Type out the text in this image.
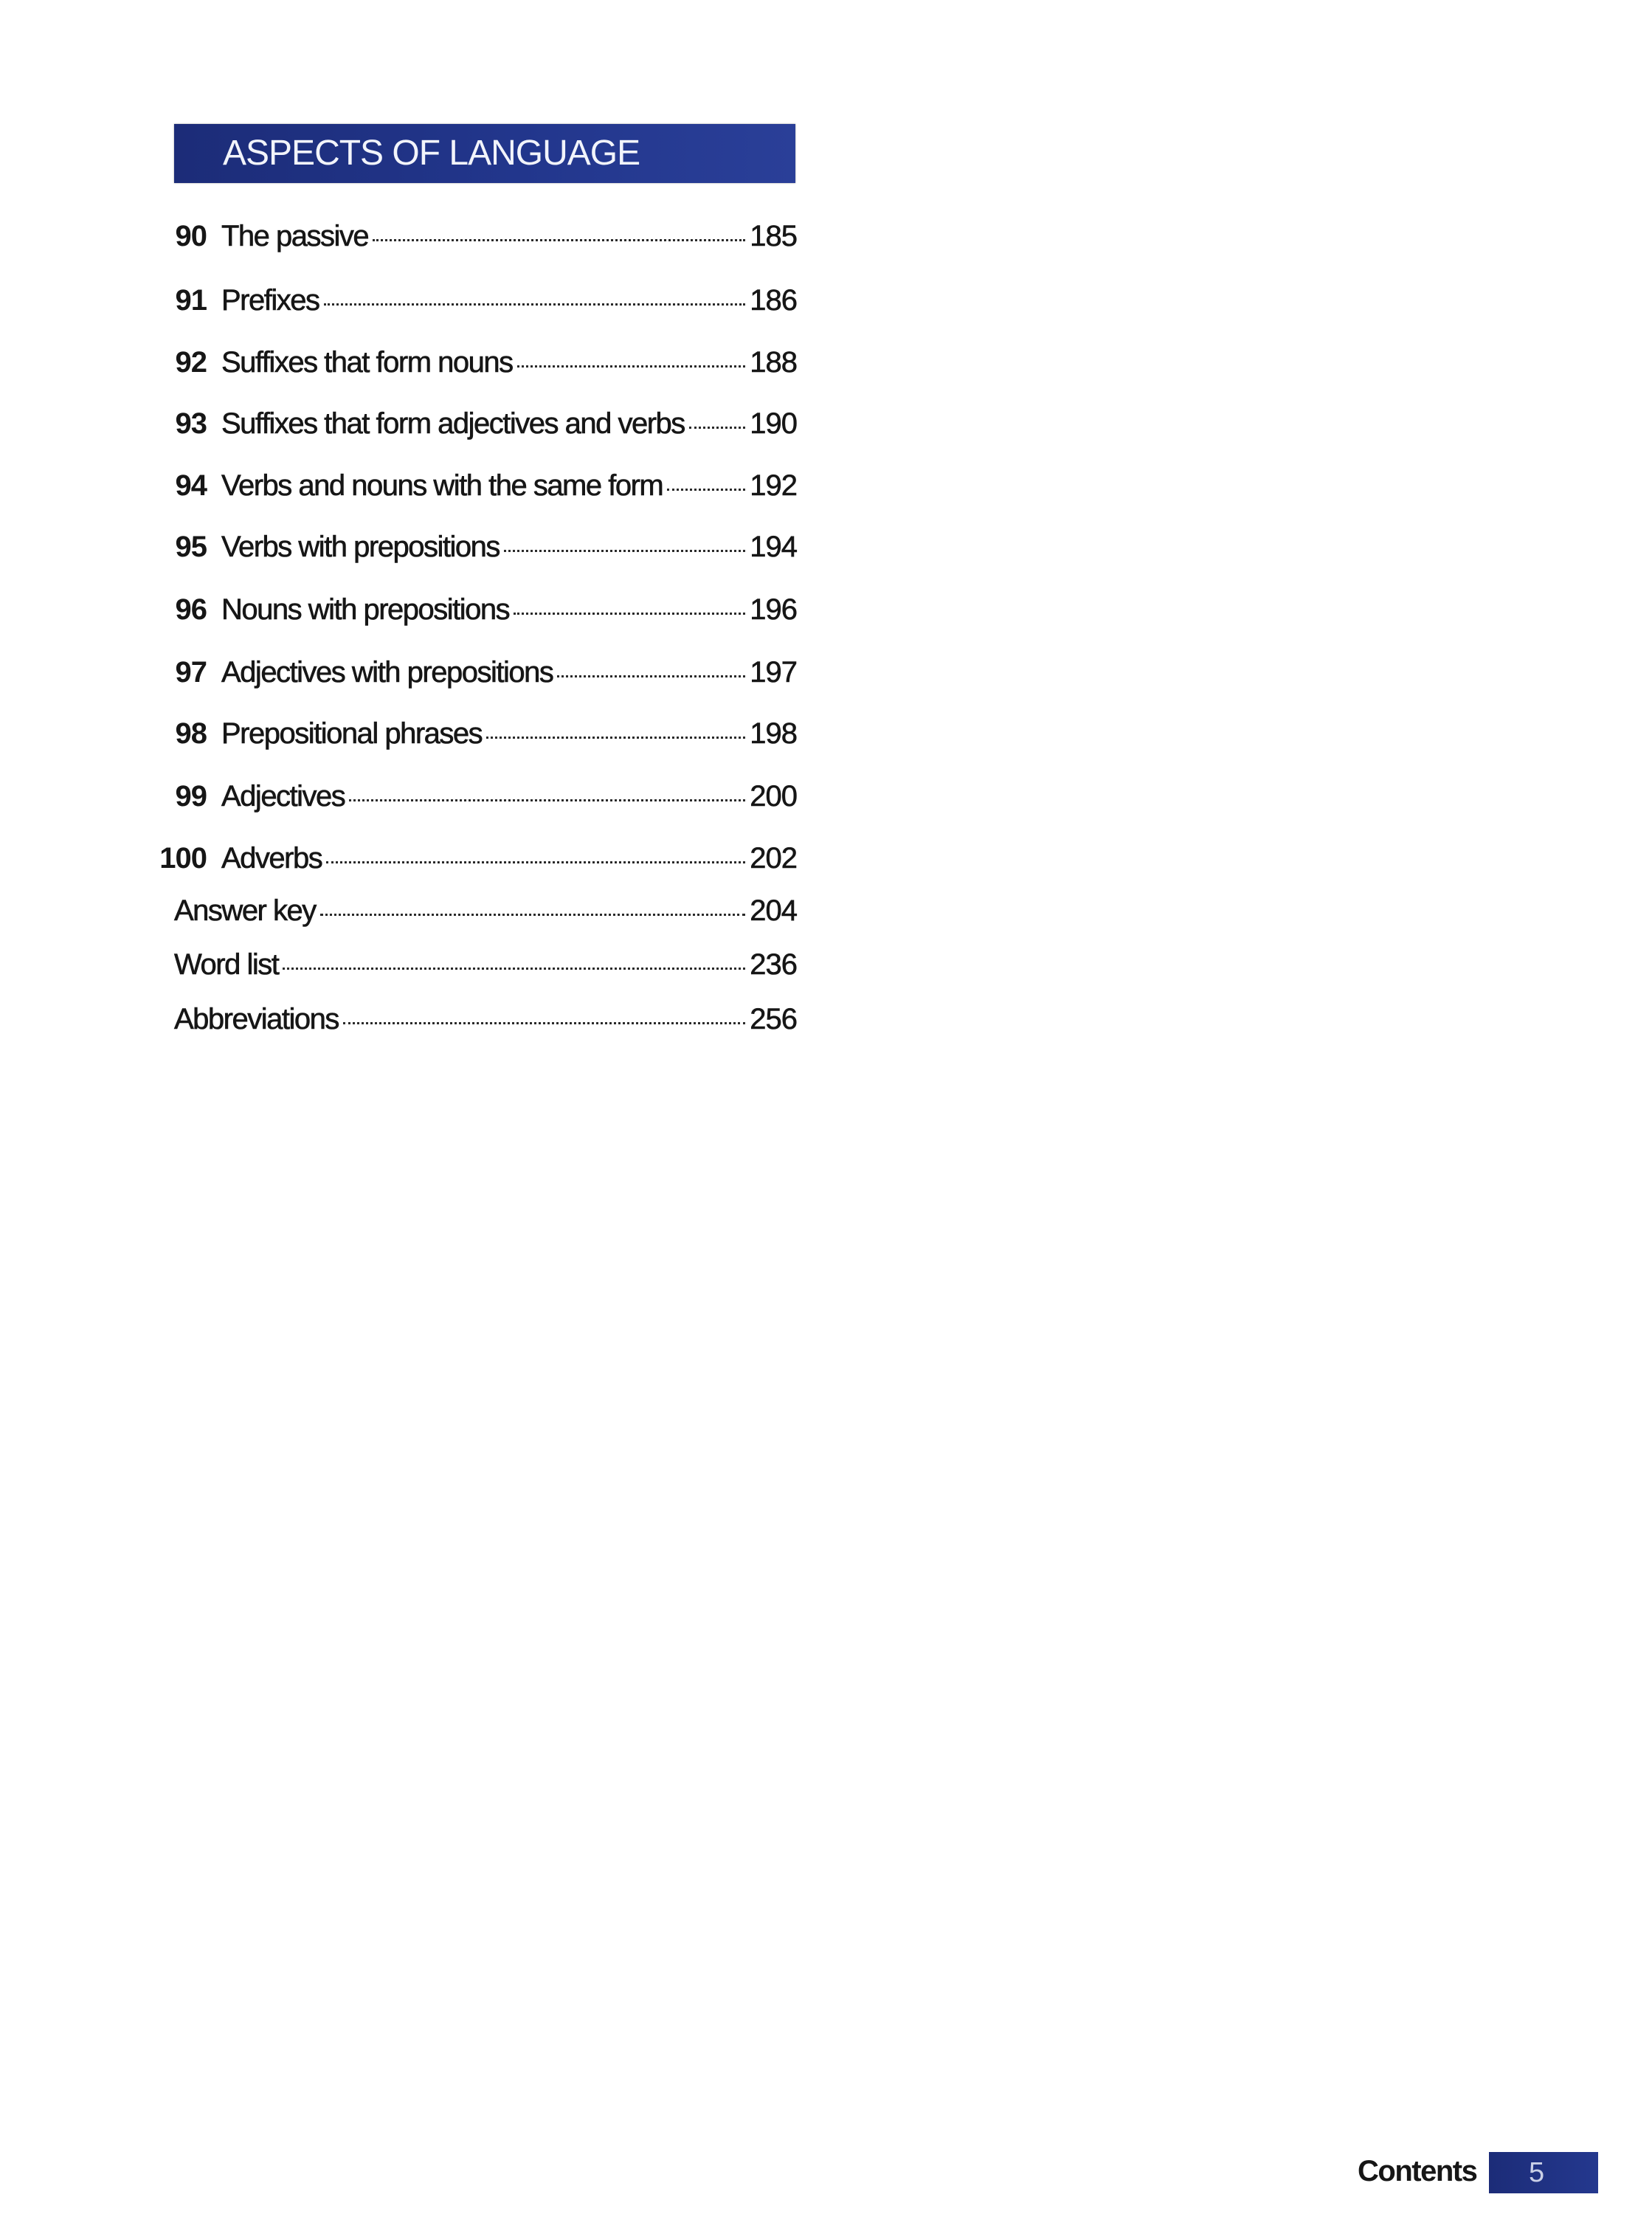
ASPECTS OF LANGUAGE
90 The passive	185
91 Prefixes	186
92 Suffixes that form nouns	188
93 Suffixes that form adjectives and verbs 190
94 Verbs and nouns with the same form	192
95 Verbs with prepositions	194
96 Nouns with prepositions	196
97 Adjectives with prepositions	197
98 Prepositional phrases	198
99 Adjectives	200
100 Adverbs	202
Answer key	204
Word list	236
Abbreviations	256
Contents 5
